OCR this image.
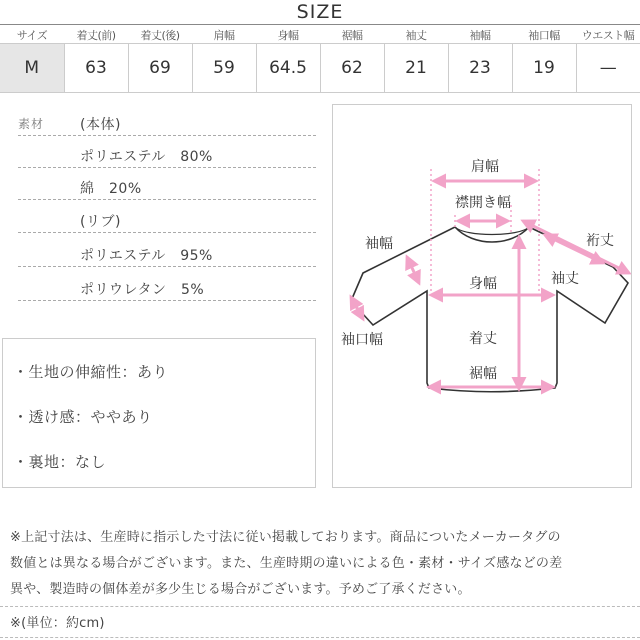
SIZE
サイズ	着丈(前)	着丈(後)	肩幅	身幅	裾幅	袖丈	袖幅	袖口幅	ウエスト幅
M	63	69	59	64.5	62	21	23	19	—
素材	(本体)
ポリエステル　80%
綿　20%
(リブ)
ポリエステル　95%
ポリウレタン　5%
・生地の伸縮性：あり
・透け感：ややあり
・裏地：なし
肩幅
襟開き幅
裄丈
袖幅
袖丈
身幅
袖口幅	着丈
裾幅
※上記寸法は、生産時に指示した寸法に従い掲載しております。商品についたメーカータグの
数値とは異なる場合がございます。また、生産時期の違いによる色・素材・サイズ感などの差
異や、製造時の個体差が多少生じる場合がございます。予めご了承ください。
※(単位：約cm)
